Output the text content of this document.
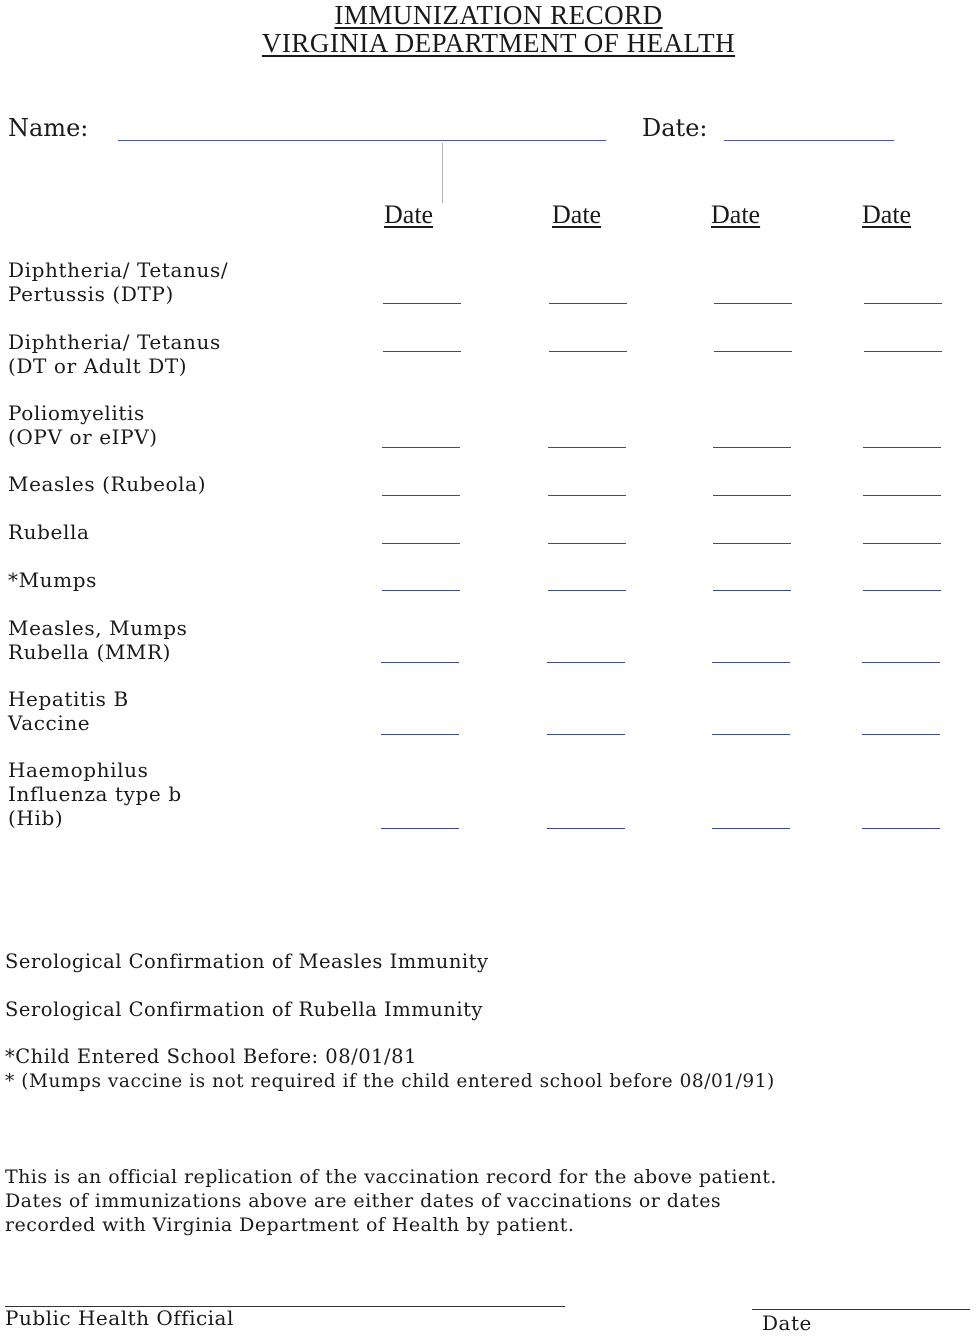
IMMUNIZATION RECORD
VIRGINIA DEPARTMENT OF HEALTH
Name:	Date:
Date	Date	Date	Date
Diphtheria/ Tetanus/
Pertussis (DTP)
Diphtheria/ Tetanus
(DT or Adult DT)
Poliomyelitis
(OPV or eIPV)
Measles (Rubeola)
Rubella
*Mumps
Measles, Mumps
Rubella (MMR)
Hepatitis B
Vaccine
Haemophilus
Influenza type b
(Hib)
Serological Confirmation of Measles Immunity
Serological Confirmation of Rubella Immunity
*Child Entered School Before: 08/01/81
* (Mumps vaccine is not required if the child entered school before 08/01/91)
This is an official replication of the vaccination record for the above patient.
Dates of immunizations above are either dates of vaccinations or dates
recorded with Virginia Department of Health by patient.
Public Health Official	Date
